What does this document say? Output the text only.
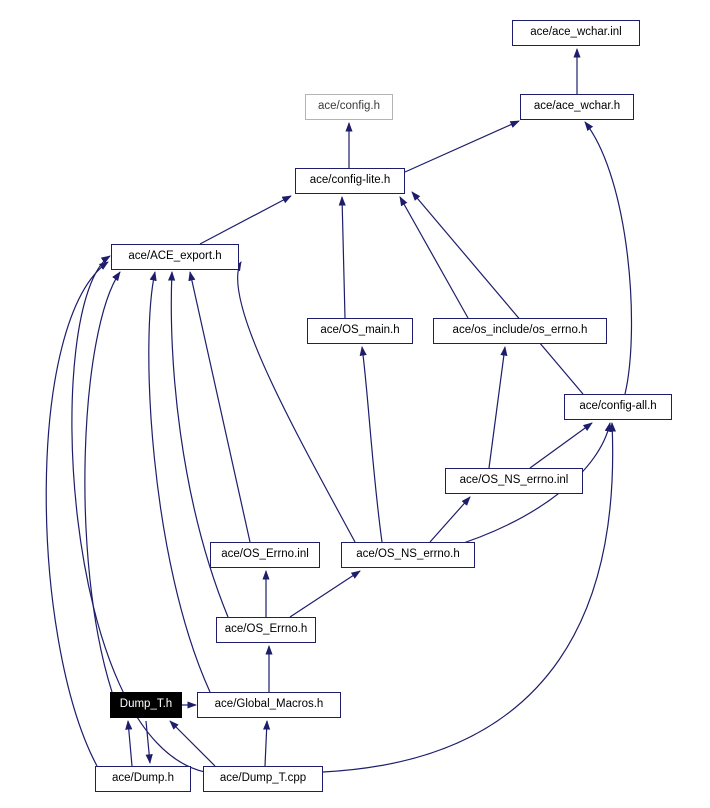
ace/ace_wchar.inl
ace/config.h	ace/ace_wchar.h
ace/config-lite.h
ace/ACE_export.h
ace/OS_main.h	ace/os_include/os_errno.h
ace/config-all.h
ace/OS_NS_errno.inl
ace/OS_Errno.inl	ace/OS_NS_errno.h
ace/OS_Errno.h
Dump_T.h	ace/Global_Macros.h
ace/Dump.h	ace/Dump_T.cpp
